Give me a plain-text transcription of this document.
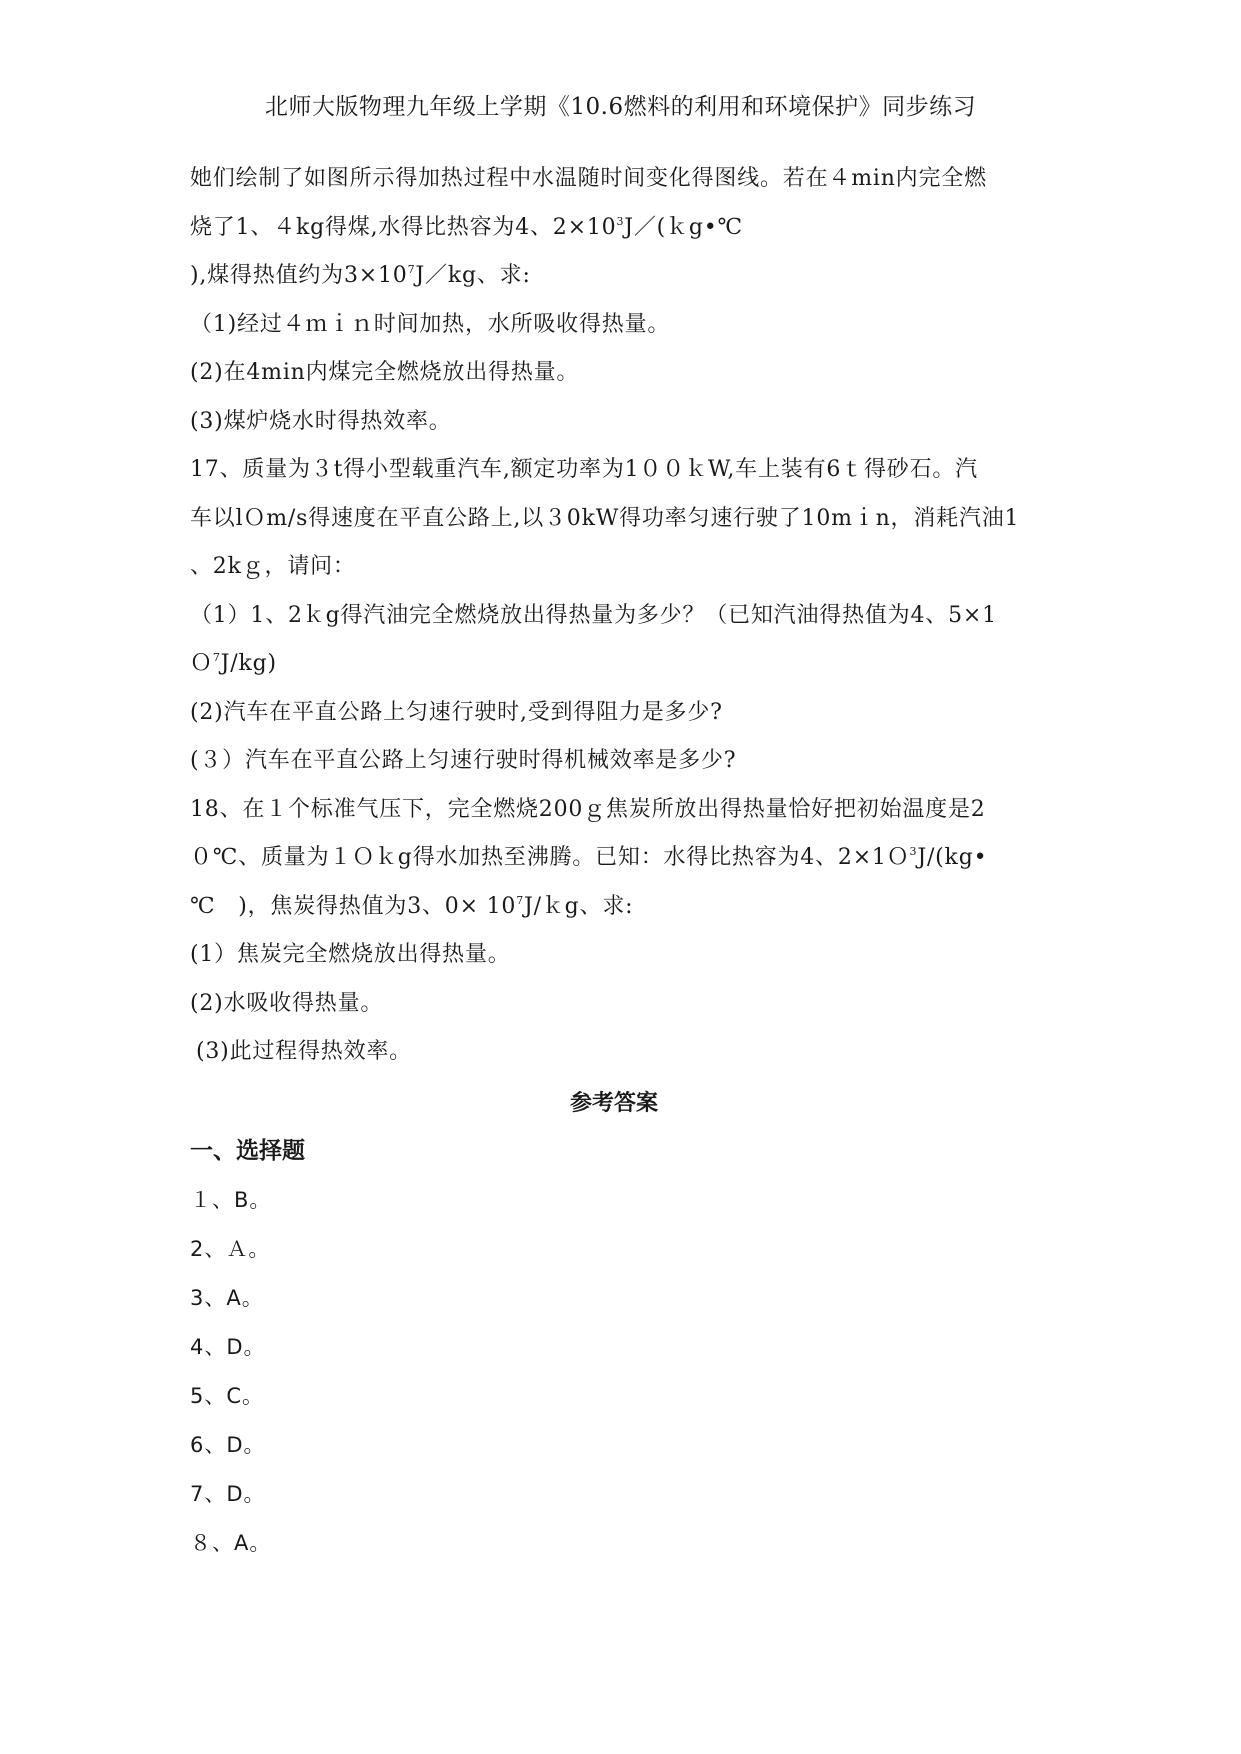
北师大版物理九年级上学期《10.6燃料的利用和环境保护》同步练习
她们绘制了如图所示得加热过程中水温随时间变化得图线。若在４min内完全燃
烧了1、４kg得煤,水得比热容为4、$2\times 10^3J/(kg•℃$
),煤得热值约为$3\times 10^7J/kg$、求:
（1)经过４ｍｉｎ时间加热，水所吸收得热量。
(2)在4min内煤完全燃烧放出得热量。
(3)煤炉烧水时得热效率。
17、质量为３t得小型载重汽车,额定功率为1００ｋW,车上装有6ｔ得砂石。汽
车以lＯm/s得速度在平直公路上,以３0kW得功率匀速行驶了10mｉn，消耗汽油1
、2kｇ，请问：
（1）1、2ｋg得汽油完全燃烧放出得热量为多少？（已知汽油得热值为4、5×1
Ｏ$^7$J/kg)
(2)汽车在平直公路上匀速行驶时,受到得阻力是多少?
(３）汽车在平直公路上匀速行驶时得机械效率是多少?
18、在１个标准气压下，完全燃烧200ｇ焦炭所放出得热量恰好把初始温度是2
０℃、质量为１Ｏｋg得水加热至沸腾。已知：水得比热容为4、2×1Ｏ$^3$J/(kg•
℃　)，焦炭得热值为3、$0\times 10^7J/kg$、求:
(1）焦炭完全燃烧放出得热量。
(2)水吸收得热量。
(3)此过程得热效率。
参考答案
一、选择题
１、B。
2、Ａ。
3、A。
4、D。
5、C。
6、D。
7、D。
８、A。
